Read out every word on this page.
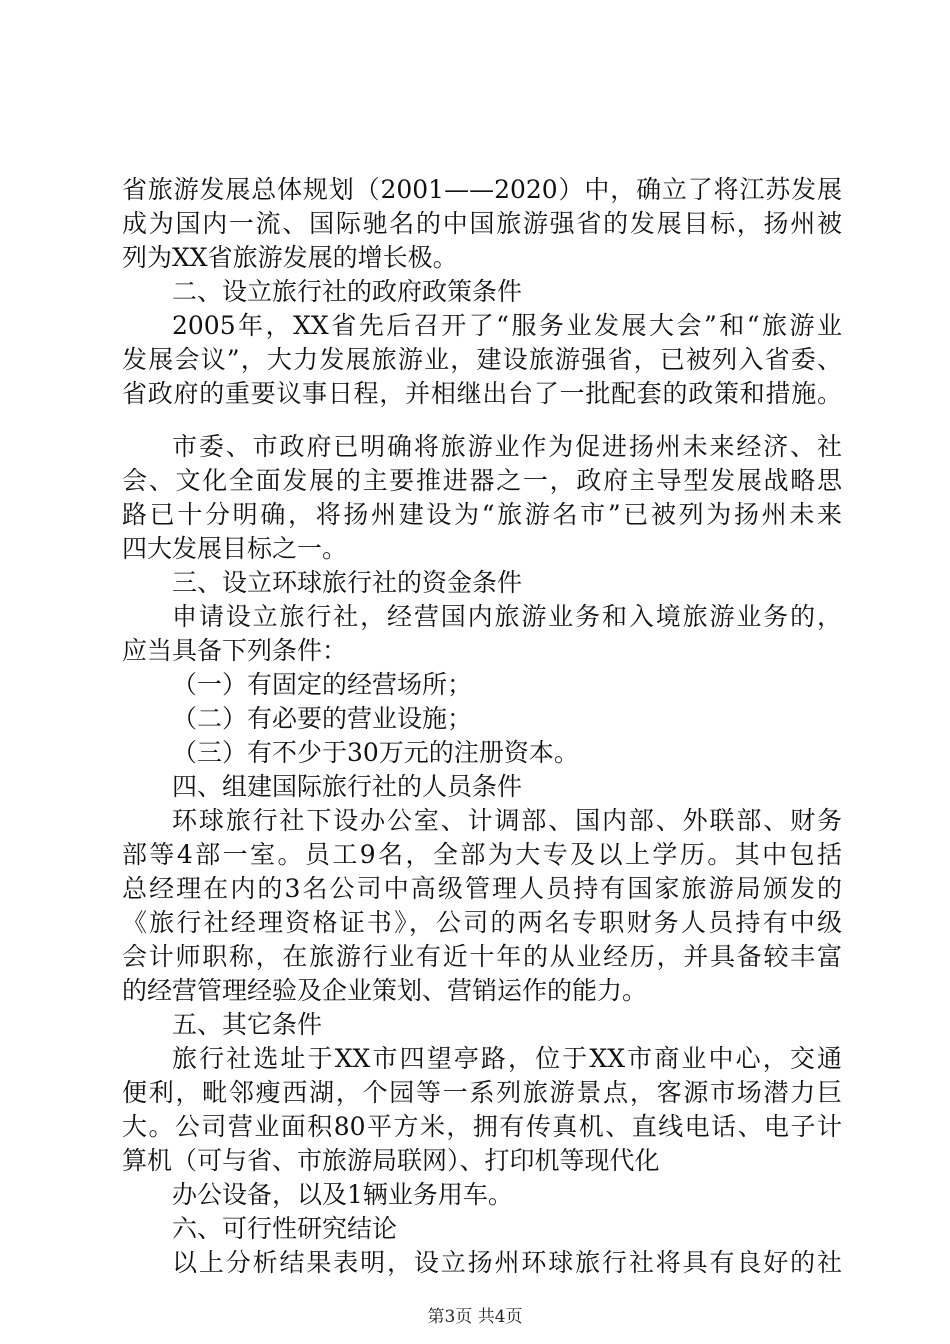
省旅游发展总体规划（2001——2020）中，确立了将江苏发展
成为国内一流、国际驰名的中国旅游强省的发展目标，扬州被
列为XX省旅游发展的增长极。
二、设立旅行社的政府政策条件
2005年，XX省先后召开了“服务业发展大会”和“旅游业
发展会议”，大力发展旅游业，建设旅游强省，已被列入省委、
省政府的重要议事日程，并相继出台了一批配套的政策和措施。
市委、市政府已明确将旅游业作为促进扬州未来经济、社
会、文化全面发展的主要推进器之一，政府主导型发展战略思
路已十分明确，将扬州建设为“旅游名市”已被列为扬州未来
四大发展目标之一。
三、设立环球旅行社的资金条件
申请设立旅行社，经营国内旅游业务和入境旅游业务的，
应当具备下列条件：
（一）有固定的经营场所；
（二）有必要的营业设施；
（三）有不少于30万元的注册资本。
四、组建国际旅行社的人员条件
环球旅行社下设办公室、计调部、国内部、外联部、财务
部等4部一室。员工9名，全部为大专及以上学历。其中包括
总经理在内的3名公司中高级管理人员持有国家旅游局颁发的
《旅行社经理资格证书》，公司的两名专职财务人员持有中级
会计师职称，在旅游行业有近十年的从业经历，并具备较丰富
的经营管理经验及企业策划、营销运作的能力。
五、其它条件
旅行社选址于XX市四望亭路，位于XX市商业中心，交通
便利，毗邻瘦西湖，个园等一系列旅游景点，客源市场潜力巨
大。公司营业面积80平方米，拥有传真机、直线电话、电子计
算机（可与省、市旅游局联网）、打印机等现代化
办公设备，以及1辆业务用车。
六、可行性研究结论
以上分析结果表明，设立扬州环球旅行社将具有良好的社
第3页 共4页
